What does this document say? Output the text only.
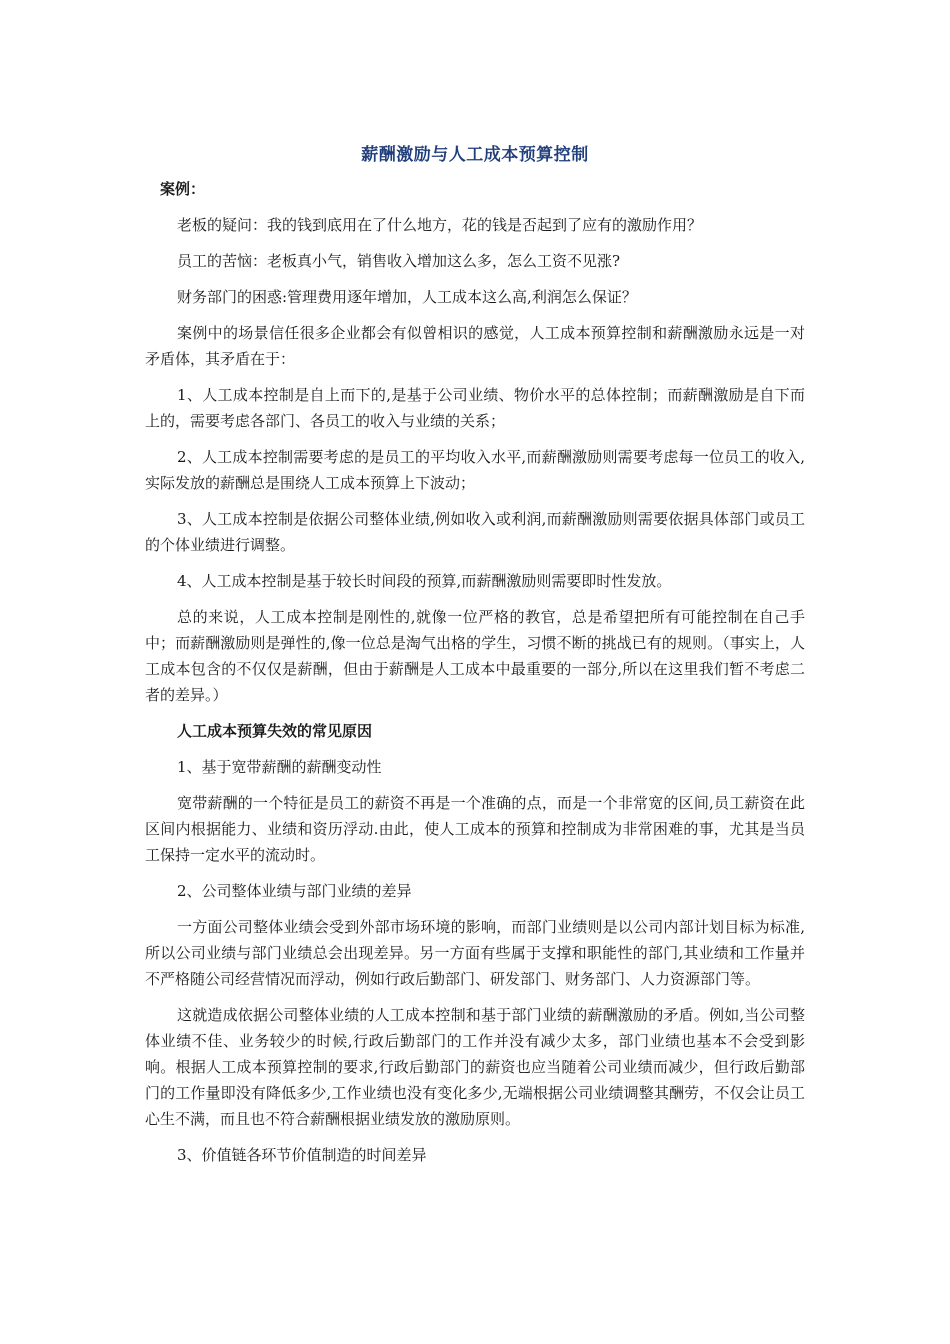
薪酬激励与人工成本预算控制
案例：

老板的疑问：我的钱到底用在了什么地方，花的钱是否起到了应有的激励作用？

员工的苦恼：老板真小气，销售收入增加这么多，怎么工资不见涨?

财务部门的困惑:管理费用逐年增加，人工成本这么高,利润怎么保证？

案例中的场景信任很多企业都会有似曾相识的感觉，人工成本预算控制和薪酬激励永远是一对矛盾体，其矛盾在于：

1、人工成本控制是自上而下的,是基于公司业绩、物价水平的总体控制；而薪酬激励是自下而上的，需要考虑各部门、各员工的收入与业绩的关系；

2、人工成本控制需要考虑的是员工的平均收入水平,而薪酬激励则需要考虑每一位员工的收入,实际发放的薪酬总是围绕人工成本预算上下波动；

3、人工成本控制是依据公司整体业绩,例如收入或利润,而薪酬激励则需要依据具体部门或员工的个体业绩进行调整。

4、人工成本控制是基于较长时间段的预算,而薪酬激励则需要即时性发放。

总的来说，人工成本控制是刚性的,就像一位严格的教官，总是希望把所有可能控制在自己手中；而薪酬激励则是弹性的,像一位总是淘气出格的学生，习惯不断的挑战已有的规则。（事实上，人工成本包含的不仅仅是薪酬，但由于薪酬是人工成本中最重要的一部分,所以在这里我们暂不考虑二者的差异。）

人工成本预算失效的常见原因

1、基于宽带薪酬的薪酬变动性

宽带薪酬的一个特征是员工的薪资不再是一个准确的点，而是一个非常宽的区间,员工薪资在此区间内根据能力、业绩和资历浮动.由此，使人工成本的预算和控制成为非常困难的事，尤其是当员工保持一定水平的流动时。

2、公司整体业绩与部门业绩的差异

一方面公司整体业绩会受到外部市场环境的影响，而部门业绩则是以公司内部计划目标为标准,所以公司业绩与部门业绩总会出现差异。另一方面有些属于支撑和职能性的部门,其业绩和工作量并不严格随公司经营情况而浮动，例如行政后勤部门、研发部门、财务部门、人力资源部门等。

这就造成依据公司整体业绩的人工成本控制和基于部门业绩的薪酬激励的矛盾。例如,当公司整体业绩不佳、业务较少的时候,行政后勤部门的工作并没有减少太多，部门业绩也基本不会受到影响。根据人工成本预算控制的要求,行政后勤部门的薪资也应当随着公司业绩而减少，但行政后勤部门的工作量即没有降低多少,工作业绩也没有变化多少,无端根据公司业绩调整其酬劳，不仅会让员工心生不满，而且也不符合薪酬根据业绩发放的激励原则。

3、价值链各环节价值制造的时间差异
